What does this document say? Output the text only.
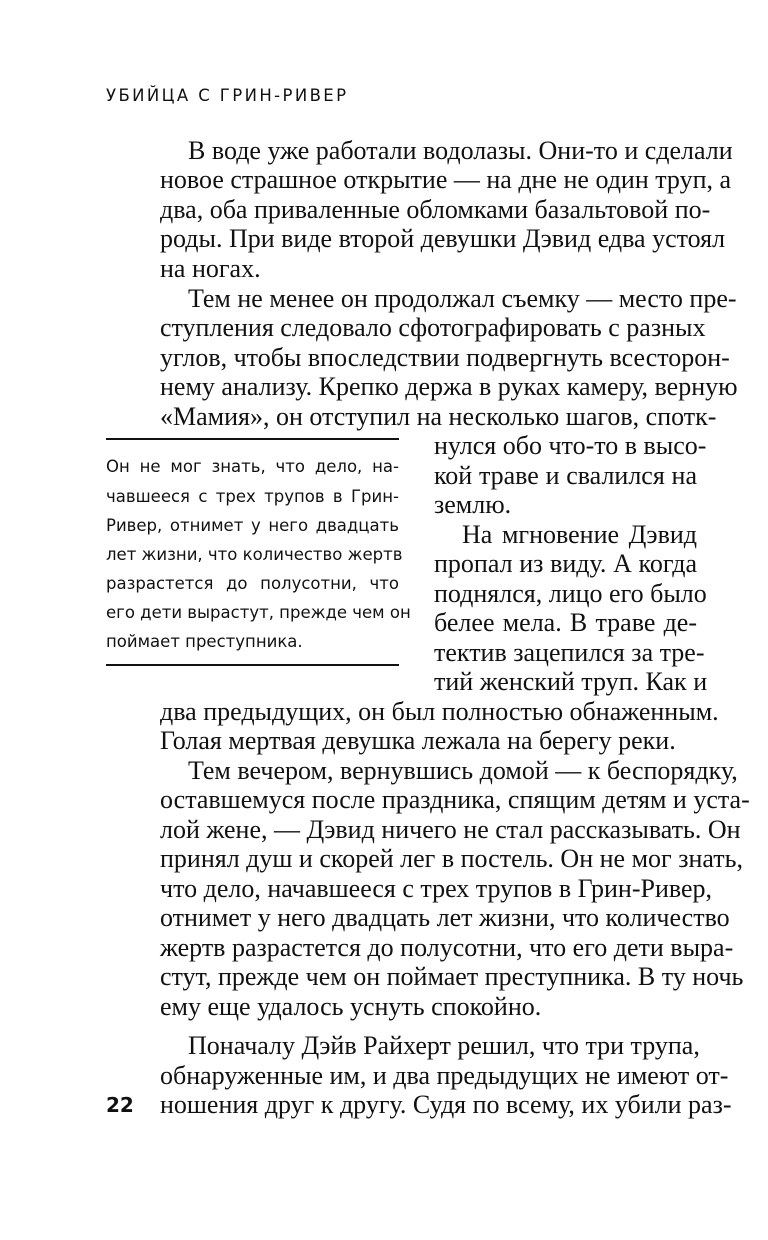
УБИЙЦА С ГРИН-РИВЕР
В воде уже работали водолазы. Они-то и сделали
новое страшное открытие — на дне не один труп, а
два, оба приваленные обломками базальтовой по-
роды. При виде второй девушки Дэвид едва устоял
на ногах.
Тем не менее он продолжал съемку — место пре-
ступления следовало сфотографировать с разных
углов, чтобы впоследствии подвергнуть всесторон-
нему анализу. Крепко держа в руках камеру, верную
«Мамия», он отступил на несколько шагов, спотк-
нулся обо что-то в высо-
кой траве и свалился на
землю.
На мгновение Дэвид
пропал из виду. А когда
поднялся, лицо его было
белее мела. В траве де-
тектив зацепился за тре-
тий женский труп. Как и
два предыдущих, он был полностью обнаженным.
Голая мертвая девушка лежала на берегу реки.
Тем вечером, вернувшись домой — к беспорядку,
оставшемуся после праздника, спящим детям и уста-
лой жене, — Дэвид ничего не стал рассказывать. Он
принял душ и скорей лег в постель. Он не мог знать,
что дело, начавшееся с трех трупов в Грин-Ривер,
отнимет у него двадцать лет жизни, что количество
жертв разрастется до полусотни, что его дети выра-
стут, прежде чем он поймает преступника. В ту ночь
ему еще удалось уснуть спокойно.
Поначалу Дэйв Райхерт решил, что три трупа,
обнаруженные им, и два предыдущих не имеют от-
ношения друг к другу. Судя по всему, их убили раз-
Он не мог знать, что дело, на-
чавшееся с трех трупов в Грин-
Ривер, отнимет у него двадцать
лет жизни, что количество жертв
разрастется до полусотни, что
его дети вырастут, прежде чем он
поймает преступника.
22
